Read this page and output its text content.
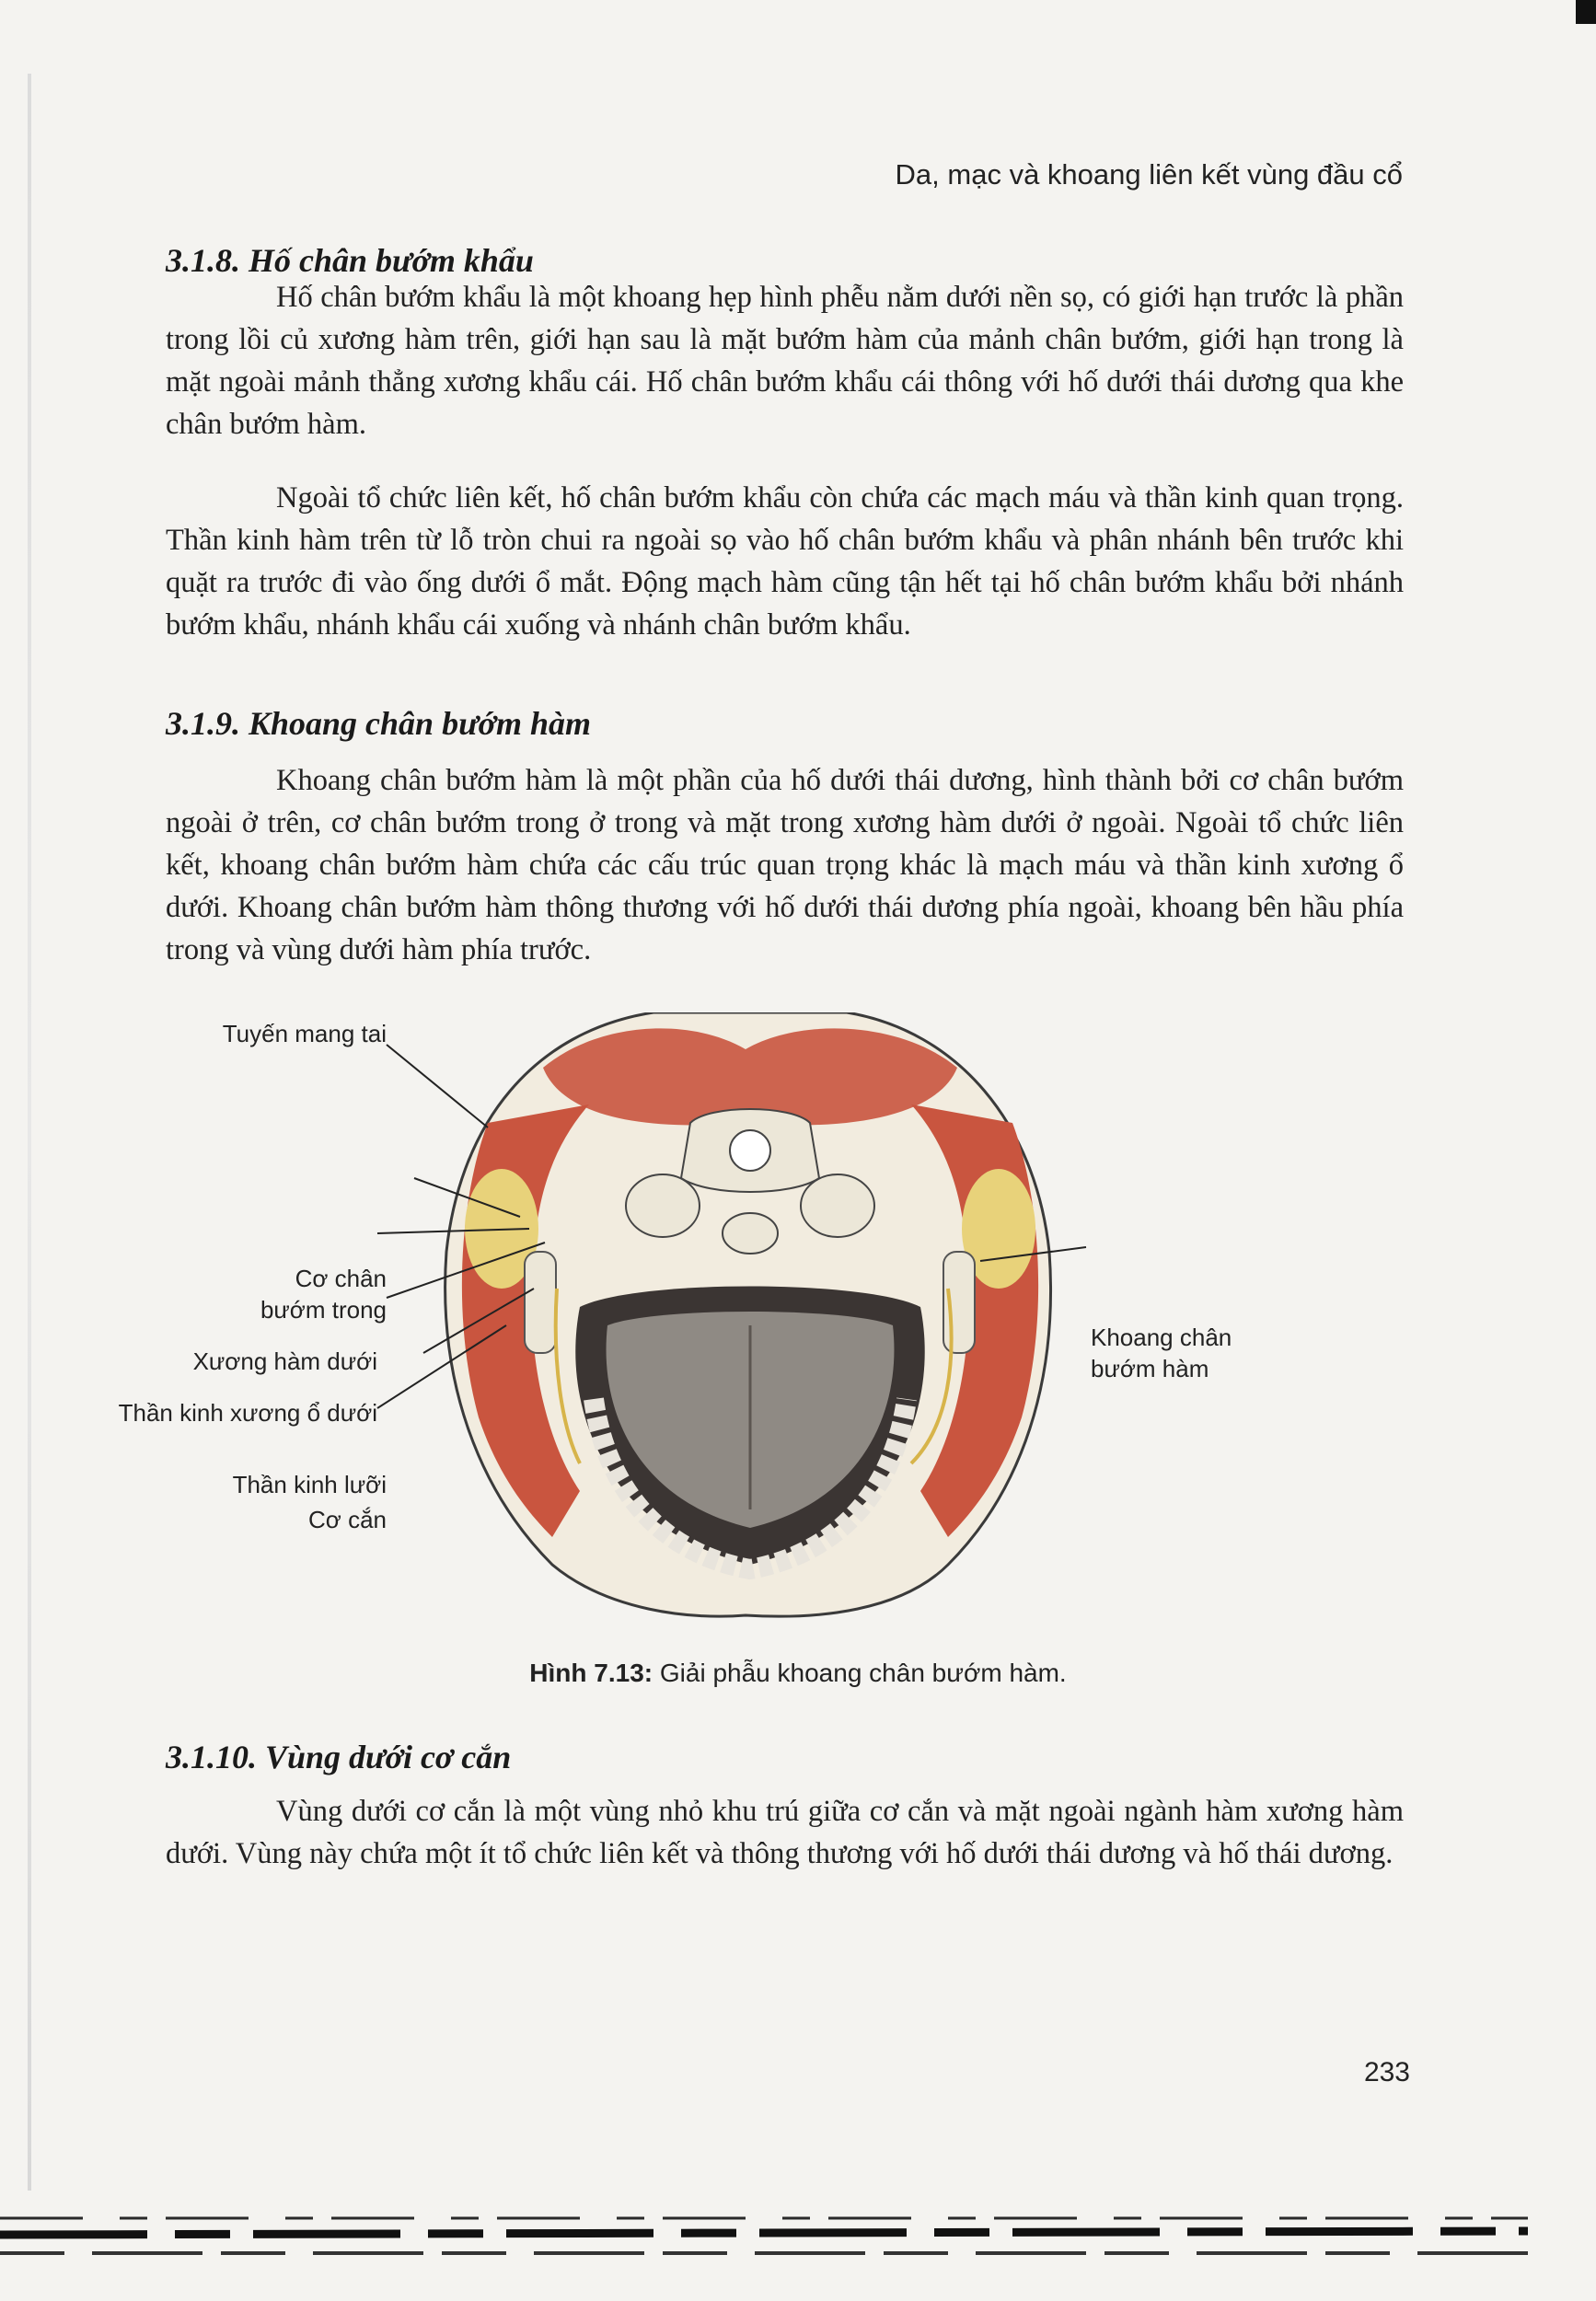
Da, mạc và khoang liên kết vùng đầu cổ
3.1.8. Hố chân bướm khẩu

Hố chân bướm khẩu là một khoang hẹp hình phễu nằm dưới nền sọ, có giới hạn trước là phần trong lồi củ xương hàm trên, giới hạn sau là mặt bướm hàm của mảnh chân bướm, giới hạn trong là mặt ngoài mảnh thẳng xương khẩu cái. Hố chân bướm khẩu cái thông với hố dưới thái dương qua khe chân bướm hàm.

Ngoài tổ chức liên kết, hố chân bướm khẩu còn chứa các mạch máu và thần kinh quan trọng. Thần kinh hàm trên từ lỗ tròn chui ra ngoài sọ vào hố chân bướm khẩu và phân nhánh bên trước khi quặt ra trước đi vào ống dưới ổ mắt. Động mạch hàm cũng tận hết tại hố chân bướm khẩu bởi nhánh bướm khẩu, nhánh khẩu cái xuống và nhánh chân bướm khẩu.

3.1.9. Khoang chân bướm hàm

Khoang chân bướm hàm là một phần của hố dưới thái dương, hình thành bởi cơ chân bướm ngoài ở trên, cơ chân bướm trong ở trong và mặt trong xương hàm dưới ở ngoài. Ngoài tổ chức liên kết, khoang chân bướm hàm chứa các cấu trúc quan trọng khác là mạch máu và thần kinh xương ổ dưới. Khoang chân bướm hàm thông thương với hố dưới thái dương phía ngoài, khoang bên hầu phía trong và vùng dưới hàm phía trước.

Tuyến mang tai
Cơ chân
bướm trong
Xương hàm dưới
Thần kinh xương ổ dưới
Thần kinh lưỡi
Cơ cắn
Khoang chân
bướm hàm
Hình 7.13: Giải phẫu khoang chân bướm hàm.
3.1.10. Vùng dưới cơ cắn

Vùng dưới cơ cắn là một vùng nhỏ khu trú giữa cơ cắn và mặt ngoài ngành hàm xương hàm dưới. Vùng này chứa một ít tổ chức liên kết và thông thương với hố dưới thái dương và hố thái dương.

233
